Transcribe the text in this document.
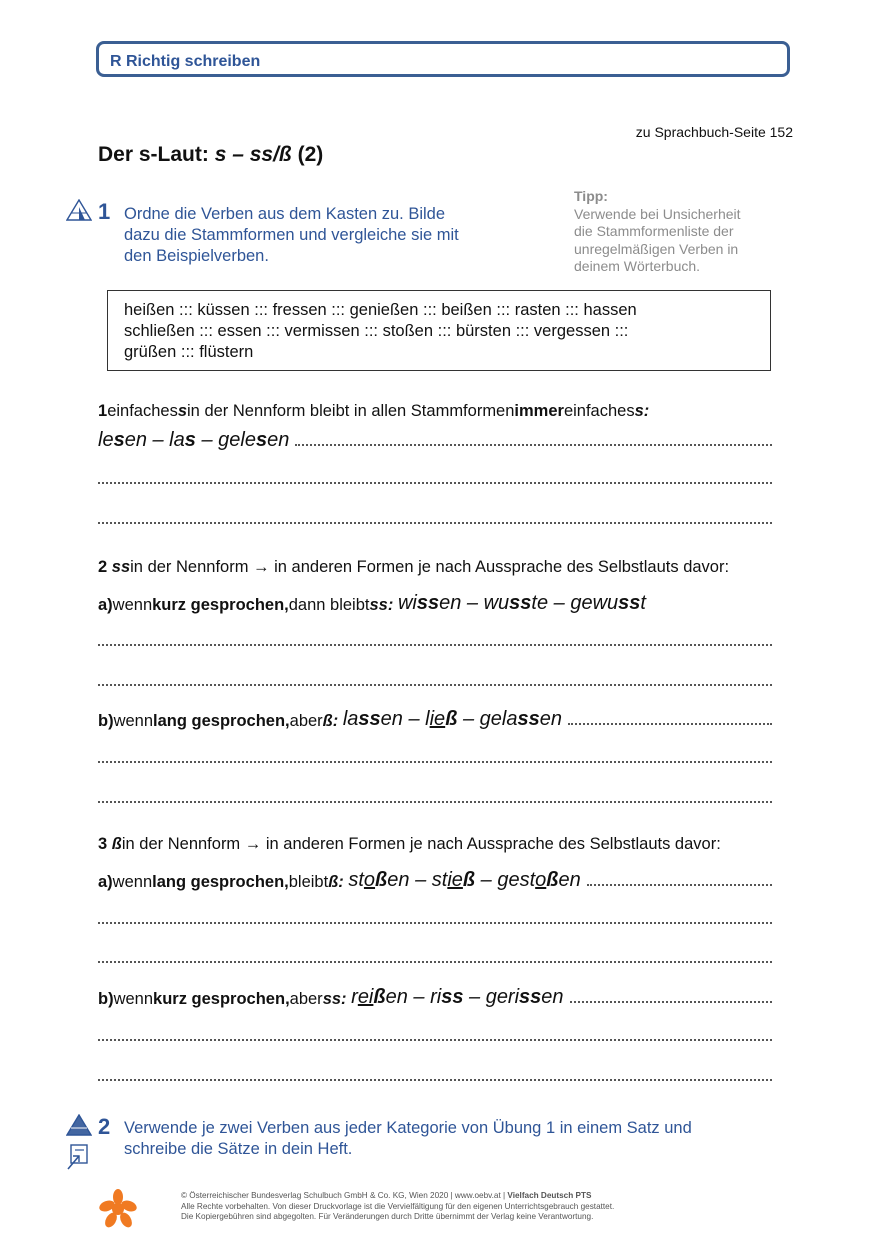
R Richtig schreiben
zu Sprachbuch-Seite 152
Der s-Laut: s – ss/ß (2)
Tipp:
Verwende bei Unsicherheit
die Stammformenliste der
unregelmäßigen Verben in
deinem Wörterbuch.
1 Ordne die Verben aus dem Kasten zu. Bilde
dazu die Stammformen und vergleiche sie mit
den Beispielverben.
heißen ::: küssen ::: fressen ::: genießen ::: beißen ::: rasten ::: hassen
schließen ::: essen ::: vermissen ::: stoßen ::: bürsten ::: vergessen :::
grüßen ::: flüstern
1 einfaches s in der Nennform bleibt in allen Stammformen immer einfaches s:
lesen – las – gelesen
2
ss in der Nennform → in anderen Formen je nach Aussprache des Selbstlauts davor:
a) wenn kurz gesprochen, dann bleibt ss:
wissen – wusste – gewusst
b) wenn lang gesprochen, aber ß:
lassen – ließ – gelassen
3
ß in der Nennform → in anderen Formen je nach Aussprache des Selbstlauts davor:
a) wenn lang gesprochen, bleibt ß:
stoßen – stieß – gestoßen
b) wenn kurz gesprochen, aber ss:
reißen – riss – gerissen
2 Verwende je zwei Verben aus jeder Kategorie von Übung 1 in einem Satz und
schreibe die Sätze in dein Heft.
© Österreichischer Bundesverlag Schulbuch GmbH & Co. KG, Wien 2020 | www.oebv.at | Vielfach Deutsch PTS
Alle Rechte vorbehalten. Von dieser Druckvorlage ist die Vervielfältigung für den eigenen Unterrichtsgebrauch gestattet.
Die Kopiergebühren sind abgegolten. Für Veränderungen durch Dritte übernimmt der Verlag keine Verantwortung.
